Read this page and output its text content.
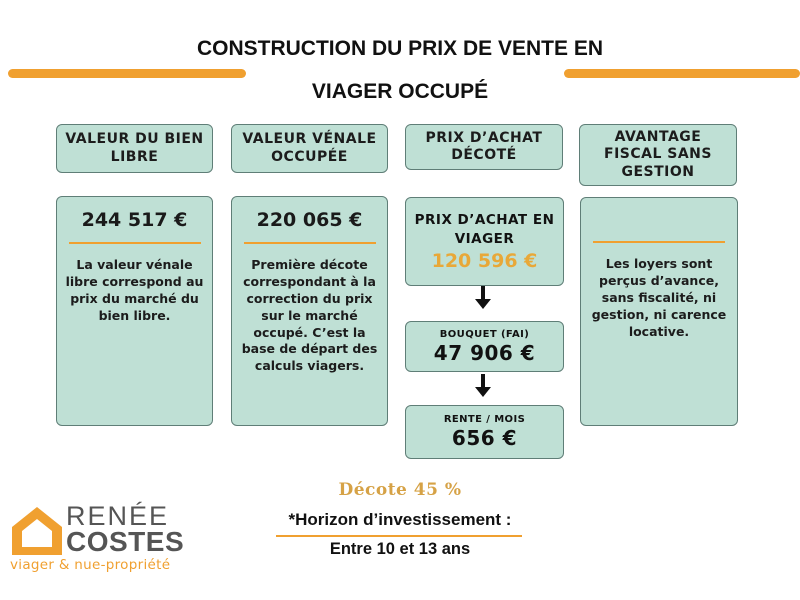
CONSTRUCTION DU PRIX DE VENTE EN
VIAGER OCCUPÉ
VALEUR DU BIEN LIBRE
VALEUR VÉNALE OCCUPÉE
PRIX D’ACHAT DÉCOTÉ
AVANTAGE FISCAL SANS GESTION
244 517 €
La valeur vénale libre correspond au prix du marché du bien libre.
220 065 €
Première décote correspondant à la correction du prix sur le marché occupé. C’est la base de départ des calculs viagers.
PRIX D’ACHAT EN VIAGER
120 596 €
BOUQUET (FAI)
47 906 €
RENTE / MOIS
656 €
Les loyers sont perçus d’avance, sans fiscalité, ni gestion, ni carence locative.
Décote 45 %
*Horizon d’investissement :
Entre 10 et 13 ans
RENÉE
COSTES
viager & nue-propriété
